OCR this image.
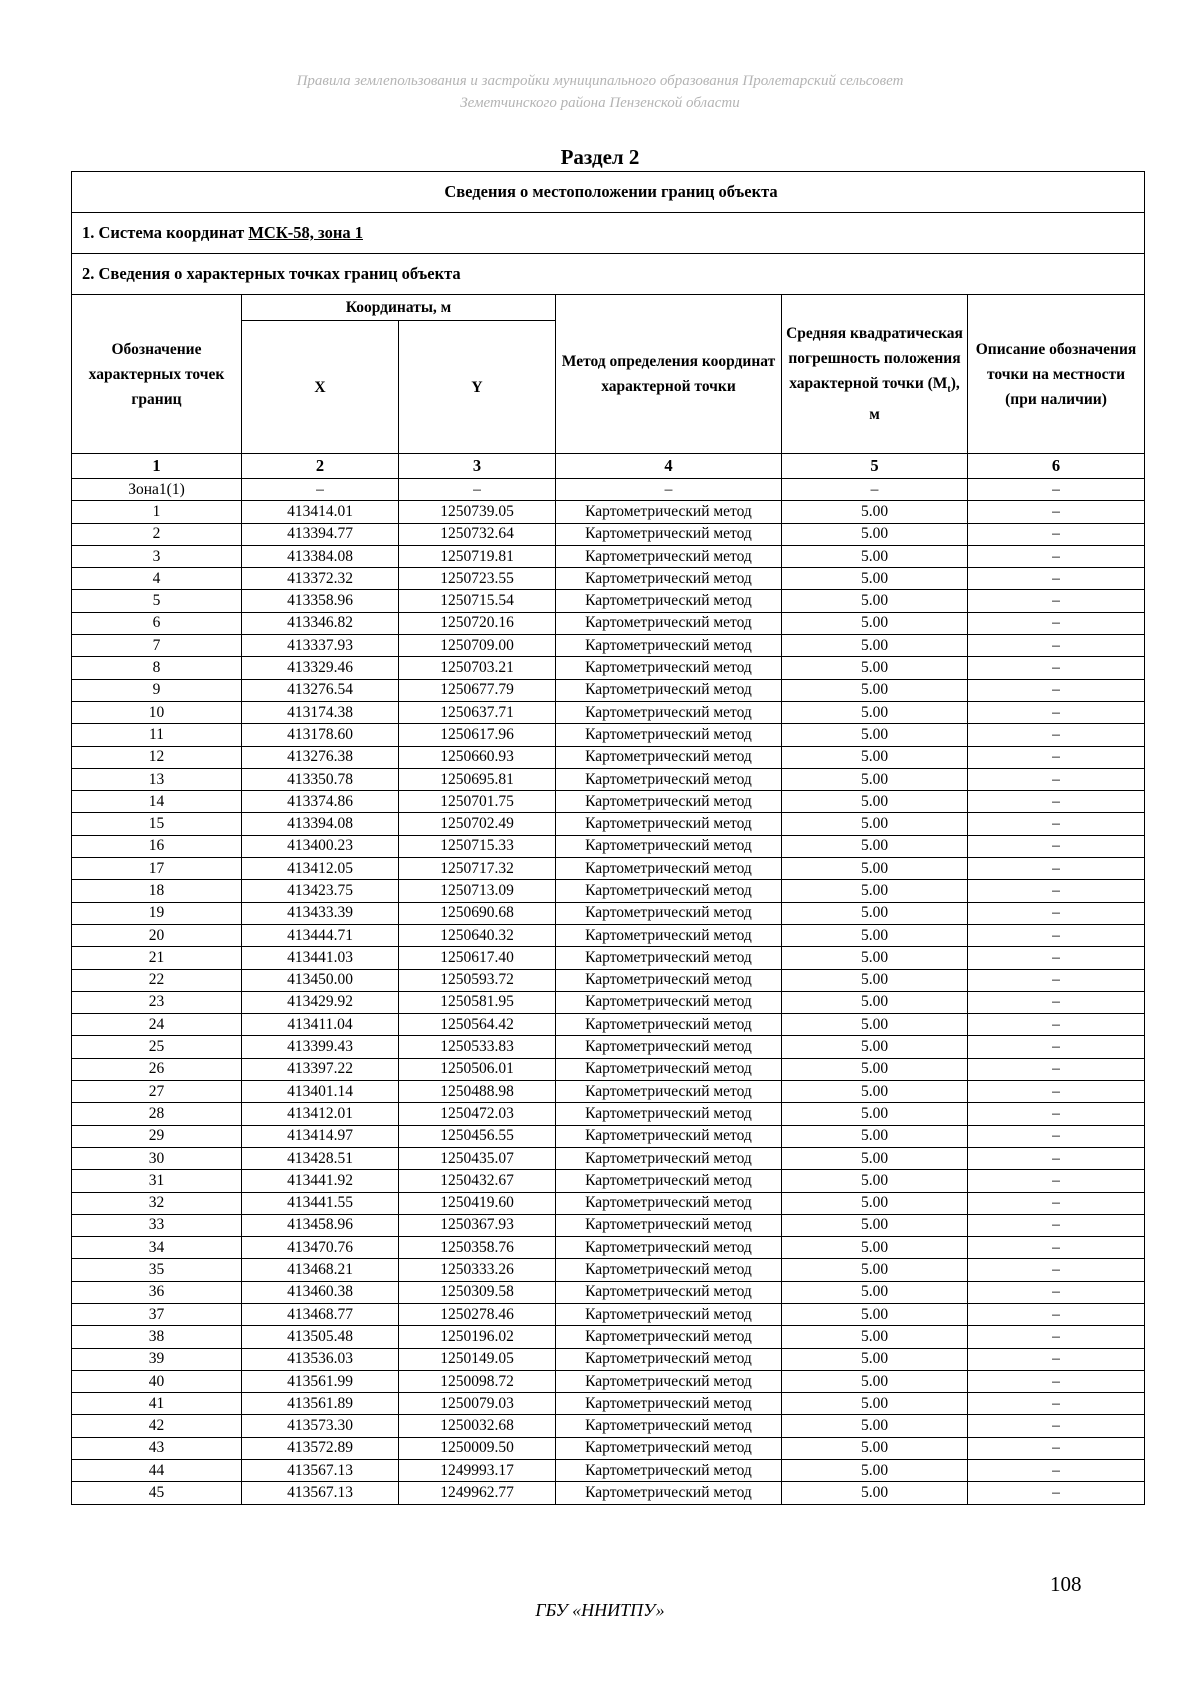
Правила землепользования и застройки муниципального образования Пролетарский сельсовет
Земетчинского района Пензенской области
Раздел 2
Сведения о местоположении границ объекта					
1. Система координат МСК-58, зона 1					
2. Сведения о характерных точках границ объекта					
Обозначение характерных точек границ	Координаты, м		Метод определения координат характерной точки	Средняя квадратическая погрешность положения характерной точки $(M_t)$, м	Описание обозначения точки на местности (при наличии)
	X	Y			
1	2	3	4	5	6
Зона1(1)	–	–	–	–	–
1	413414.01	1250739.05	Картометрический метод	5.00	–
2	413394.77	1250732.64	Картометрический метод	5.00	–
3	413384.08	1250719.81	Картометрический метод	5.00	–
4	413372.32	1250723.55	Картометрический метод	5.00	–
5	413358.96	1250715.54	Картометрический метод	5.00	–
6	413346.82	1250720.16	Картометрический метод	5.00	–
7	413337.93	1250709.00	Картометрический метод	5.00	–
8	413329.46	1250703.21	Картометрический метод	5.00	–
9	413276.54	1250677.79	Картометрический метод	5.00	–
10	413174.38	1250637.71	Картометрический метод	5.00	–
11	413178.60	1250617.96	Картометрический метод	5.00	–
12	413276.38	1250660.93	Картометрический метод	5.00	–
13	413350.78	1250695.81	Картометрический метод	5.00	–
14	413374.86	1250701.75	Картометрический метод	5.00	–
15	413394.08	1250702.49	Картометрический метод	5.00	–
16	413400.23	1250715.33	Картометрический метод	5.00	–
17	413412.05	1250717.32	Картометрический метод	5.00	–
18	413423.75	1250713.09	Картометрический метод	5.00	–
19	413433.39	1250690.68	Картометрический метод	5.00	–
20	413444.71	1250640.32	Картометрический метод	5.00	–
21	413441.03	1250617.40	Картометрический метод	5.00	–
22	413450.00	1250593.72	Картометрический метод	5.00	–
23	413429.92	1250581.95	Картометрический метод	5.00	–
24	413411.04	1250564.42	Картометрический метод	5.00	–
25	413399.43	1250533.83	Картометрический метод	5.00	–
26	413397.22	1250506.01	Картометрический метод	5.00	–
27	413401.14	1250488.98	Картометрический метод	5.00	–
28	413412.01	1250472.03	Картометрический метод	5.00	–
29	413414.97	1250456.55	Картометрический метод	5.00	–
30	413428.51	1250435.07	Картометрический метод	5.00	–
31	413441.92	1250432.67	Картометрический метод	5.00	–
32	413441.55	1250419.60	Картометрический метод	5.00	–
33	413458.96	1250367.93	Картометрический метод	5.00	–
34	413470.76	1250358.76	Картометрический метод	5.00	–
35	413468.21	1250333.26	Картометрический метод	5.00	–
36	413460.38	1250309.58	Картометрический метод	5.00	–
37	413468.77	1250278.46	Картометрический метод	5.00	–
38	413505.48	1250196.02	Картометрический метод	5.00	–
39	413536.03	1250149.05	Картометрический метод	5.00	–
40	413561.99	1250098.72	Картометрический метод	5.00	–
41	413561.89	1250079.03	Картометрический метод	5.00	–
42	413573.30	1250032.68	Картометрический метод	5.00	–
43	413572.89	1250009.50	Картометрический метод	5.00	–
44	413567.13	1249993.17	Картометрический метод	5.00	–
45	413567.13	1249962.77	Картометрический метод	5.00	–
108
ГБУ «ННИТПУ»
